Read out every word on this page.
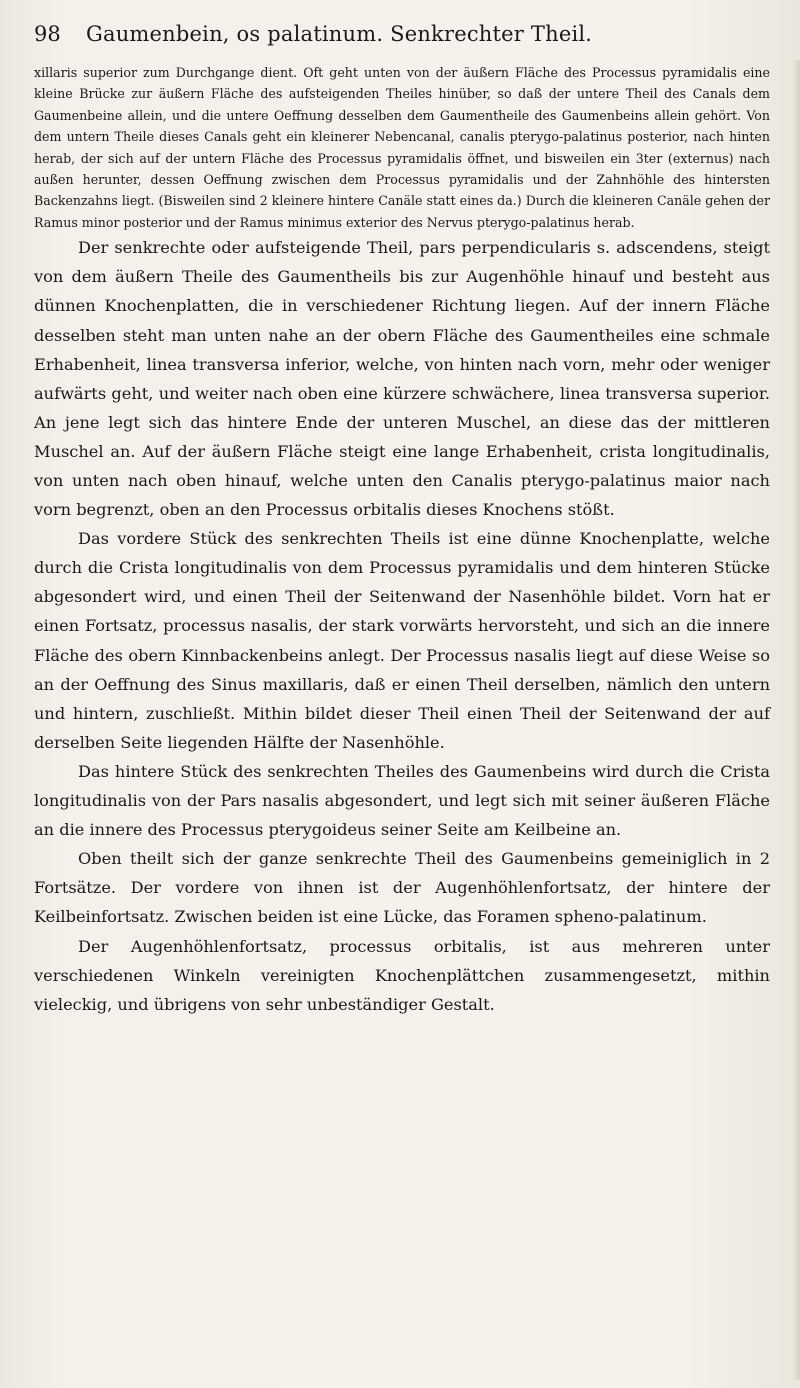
98 Gaumenbein, os palatinum. Senkrechter Theil.

xillaris superior zum Durchgange dient. Oft geht unten von der äußern Fläche des Processus pyramidalis eine kleine Brücke zur äußern Fläche des aufsteigenden Theiles hinüber, so daß der untere Theil des Canals dem Gaumenbeine allein, und die untere Oeffnung desselben dem Gaumentheile des Gaumenbeins allein gehört. Von dem untern Theile dieses Canals geht ein kleinerer Nebencanal, canalis pterygo-palatinus posterior, nach hinten herab, der sich auf der untern Fläche des Processus pyramidalis öffnet, und bisweilen ein 3ter (externus) nach außen herunter, dessen Oeffnung zwischen dem Processus pyramidalis und der Zahnhöhle des hintersten Backenzahns liegt. (Bisweilen sind 2 kleinere hintere Canäle statt eines da.) Durch die kleineren Canäle gehen der Ramus minor posterior und der Ramus minimus exterior des Nervus pterygo-palatinus herab.

Der senkrechte oder aufsteigende Theil, pars perpendicularis s. adscendens, steigt von dem äußern Theile des Gaumentheils bis zur Augenhöhle hinauf und besteht aus dünnen Knochenplatten, die in verschiedener Richtung liegen. Auf der innern Fläche desselben steht man unten nahe an der obern Fläche des Gaumentheiles eine schmale Erhabenheit, linea transversa inferior, welche, von hinten nach vorn, mehr oder weniger aufwärts geht, und weiter nach oben eine kürzere schwächere, linea transversa superior. An jene legt sich das hintere Ende der unteren Muschel, an diese das der mittleren Muschel an. Auf der äußern Fläche steigt eine lange Erhabenheit, crista longitudinalis, von unten nach oben hinauf, welche unten den Canalis pterygo-palatinus maior nach vorn begrenzt, oben an den Processus orbitalis dieses Knochens stößt.

Das vordere Stück des senkrechten Theils ist eine dünne Knochenplatte, welche durch die Crista longitudinalis von dem Processus pyramidalis und dem hinteren Stücke abgesondert wird, und einen Theil der Seitenwand der Nasenhöhle bildet. Vorn hat er einen Fortsatz, processus nasalis, der stark vorwärts hervorsteht, und sich an die innere Fläche des obern Kinnbackenbeins anlegt. Der Processus nasalis liegt auf diese Weise so an der Oeffnung des Sinus maxillaris, daß er einen Theil derselben, nämlich den untern und hintern, zuschließt. Mithin bildet dieser Theil einen Theil der Seitenwand der auf derselben Seite liegenden Hälfte der Nasenhöhle.

Das hintere Stück des senkrechten Theiles des Gaumenbeins wird durch die Crista longitudinalis von der Pars nasalis abgesondert, und legt sich mit seiner äußeren Fläche an die innere des Processus pterygoideus seiner Seite am Keilbeine an.

Oben theilt sich der ganze senkrechte Theil des Gaumenbeins gemeiniglich in 2 Fortsätze. Der vordere von ihnen ist der Augenhöhlenfortsatz, der hintere der Keilbeinfortsatz. Zwischen beiden ist eine Lücke, das Foramen spheno-palatinum.

Der Augenhöhlenfortsatz, processus orbitalis, ist aus mehreren unter verschiedenen Winkeln vereinigten Knochenplättchen zusammengesetzt, mithin vieleckig, und übrigens von sehr unbeständiger Gestalt.
